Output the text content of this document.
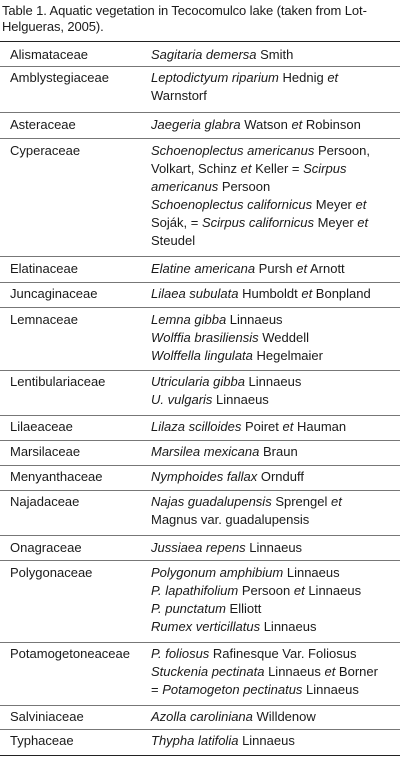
Table 1. Aquatic vegetation in Tecocomulco lake (taken from Lot-Helgueras, 2005).
Alismataceae	Sagitaria demersa Smith
Amblystegiaceae	Leptodictyum riparium Hednig et
Warnstorf
Asteraceae	Jaegeria glabra Watson et Robinson
Cyperaceae	Schoenoplectus americanus Persoon,
Volkart, Schinz et Keller = Scirpus
americanus Persoon
Schoenoplectus californicus Meyer et
Soják, = Scirpus californicus Meyer et
Steudel
Elatinaceae	Elatine americana Pursh et Arnott
Juncaginaceae	Lilaea subulata Humboldt et Bonpland
Lemnaceae	Lemna gibba Linnaeus
Wolffia brasiliensis Weddell
Wolffella lingulata Hegelmaier
Lentibulariaceae	Utricularia gibba Linnaeus
U. vulgaris Linnaeus
Lilaeaceae	Lilaza scilloides Poiret et Hauman
Marsilaceae	Marsilea mexicana Braun
Menyanthaceae	Nymphoides fallax Ornduff
Najadaceae	Najas guadalupensis Sprengel et
Magnus var. guadalupensis
Onagraceae	Jussiaea repens Linnaeus
Polygonaceae	Polygonum amphibium Linnaeus
P. lapathifolium Persoon et Linnaeus
P. punctatum Elliott
Rumex verticillatus Linnaeus
Potamogetoneaceae P. foliosus Rafinesque Var. Foliosus
Stuckenia pectinata Linnaeus et Borner
= Potamogeton pectinatus Linnaeus
Salviniaceae	Azolla caroliniana Willdenow
Typhaceae	Thypha latifolia Linnaeus
